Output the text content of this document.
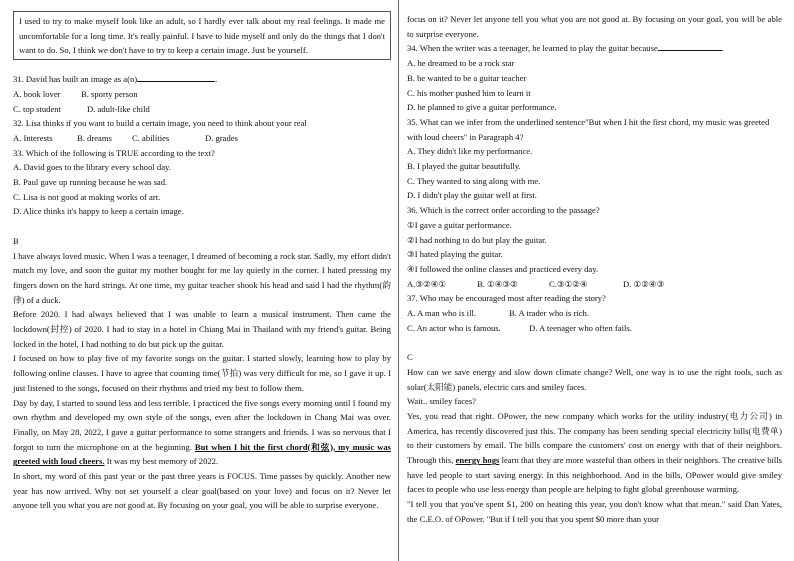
I used to try to make myself look like an adult, so I hardly ever talk about my real feelings. It made me uncomfortable for a long time. It's really painful. I have to hide myself and only do the things that I don't want to do. So, I think we don't have to try to keep a certain image. Just be yourself.

31. David has built an image as a(n)	.

A. book lover	B. sporty person
C. top student	D. adult-like child

32. Lisa thinks if you want to build a certain image, you need to think about your real

A. Interests	B. dreams	C. abilities	D. grades

33. Which of the following is TRUE according to the text?

A. David goes to the library every school day.

B. Paul gave up running because he was sad.

C. Lisa is not good at making works of art.

D. Alice thinks it's happy to keep a certain image.

B

I have always loved music. When I was a teenager, I dreamed of becoming a rock star. Sadly, my effort didn't match my love, and soon the guitar my mother bought for me lay quietly in the corner. I hated pressing my fingers down on the hard strings. At one time, my guitar teacher shook his head and said I had the rhythm(韵律) of a duck.

Before 2020. I had always believed that I was unable to learn a musical instrument. Then came the lockdown(封控) of 2020. I had to stay in a hotel in Chiang Mai in Thailand with my friend's guitar. Being locked in the hotel, I had nothing to do but pick up the guitar.

I focused on how to play five of my favorite songs on the guitar. I started slowly, learning how to play by following online classes. I have to agree that counting time(节拍) was very difficult for me, so I gave it up. I just listened to the songs, focused on their rhythms and tried my best to follow them.

Day by day, I started to sound less and less terrible. I practiced the five songs every morning until I found my own rhythm and developed my own style of the songs, even after the lockdown in Chang Mai was over. Finally, on May 28, 2022, I gave a guitar performance to some strangers and friends. I was so nervous that I forgot to turn the microphone on at the beginning. But when I hit the first chord(和弦), my music was greeted with loud cheers. It was my best memory of 2022.

In short, my word of this past year or the past three years is FOCUS. Time passes by quickly. Another new year has now arrived. Why not set yourself a clear goal(based on your love) and focus on it? Never let anyone tell you what you are not good at. By focusing on your goal, you will be able to surprise everyone.

focus on it? Never let anyone tell you what you are not good at. By focusing on your goal, you will be able to surprise everyone.

34. When the writer was a teenager, he learned to play the guitar because	.

A. he dreamed to be a rock star

B. he wanted to be a guitar teacher

C. his mother pushed him to learn it

D. he planned to give a guitar performance.

35. What can we infer from the underlined sentence"But when I hit the first chord, my music was greeted with loud cheers" in Paragraph 4?

A. They didn't like my performance.

B. I played the guitar beautifully.

C. They wanted to sing along with me.

D. I didn't play the guitar well at first.

36. Which is the correct order according to the passage?

①I gave a guitar performance.

②I had nothing to do but play the guitar.

③I hated playing the guitar.

④I followed the online classes and practiced every day.

A.③②④①	B. ①④③②	C.③①②④	D. ①②④③

37. Who may be encouraged most after reading the story?

A. A man who is ill.	B. A trader who is rich.
C. An actor who is famous.	D. A teenager who often fails.

C

How can we save energy and slow down climate change? Well, one way is to use the right tools, such as solar(太阳能) panels, electric cars and smiley faces.

Wait.. smiley faces?

Yes, you read that right. OPower, the new company which works for the utility industry(电力公司) in America, has recently discovered just this. The company has been sending special electricity bills(电费单) to their customers by email. The bills compare the customers' cost on energy with that of their neighbors. Through this, energy hogs learn that they are more wasteful than others in their neighbors. The creative bills have led people to start saving energy. In this neighborhood. And in the bills, OPower would give smiley faces to people who use less energy than people are helping to fight global greenhouse warming.

"I tell you that you've spent $1, 200 on heating this year, you don't know what that mean." said Dan Yates, the C.E.O. of OPower. "But if I tell you that you spent $0 more than your
